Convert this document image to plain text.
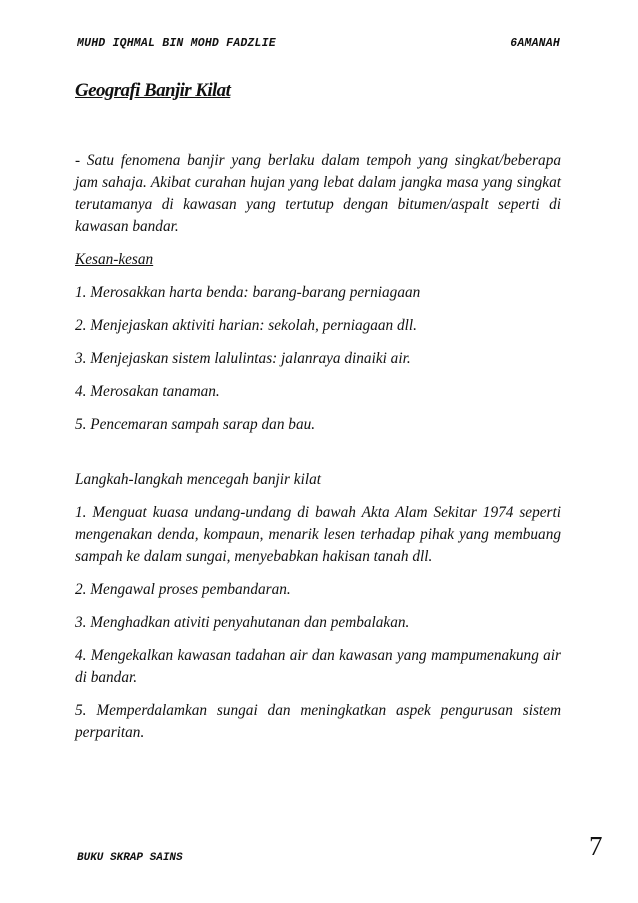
MUHD IQHMAL BIN MOHD FADZLIE	6AMANAH
Geografi Banjir Kilat

- Satu fenomena banjir yang berlaku dalam tempoh yang singkat/beberapa jam sahaja. Akibat curahan hujan yang lebat dalam jangka masa yang singkat terutamanya di kawasan yang tertutup dengan bitumen/aspalt seperti di kawasan bandar.

Kesan-kesan

1. Merosakkan harta benda: barang-barang perniagaan

2. Menjejaskan aktiviti harian: sekolah, perniagaan dll.

3. Menjejaskan sistem lalulintas: jalanraya dinaiki air.

4. Merosakan tanaman.

5. Pencemaran sampah sarap dan bau.

Langkah-langkah mencegah banjir kilat

1. Menguat kuasa undang-undang di bawah Akta Alam Sekitar 1974 seperti mengenakan denda, kompaun, menarik lesen terhadap pihak yang membuang sampah ke dalam sungai, menyebabkan hakisan tanah dll.

2. Mengawal proses pembandaran.

3. Menghadkan ativiti penyahutanan dan pembalakan.

4. Mengekalkan kawasan tadahan air dan kawasan yang mampumenakung air di bandar.

5. Memperdalamkan sungai dan meningkatkan aspek pengurusan sistem perparitan.

BUKU SKRAP SAINS	7
